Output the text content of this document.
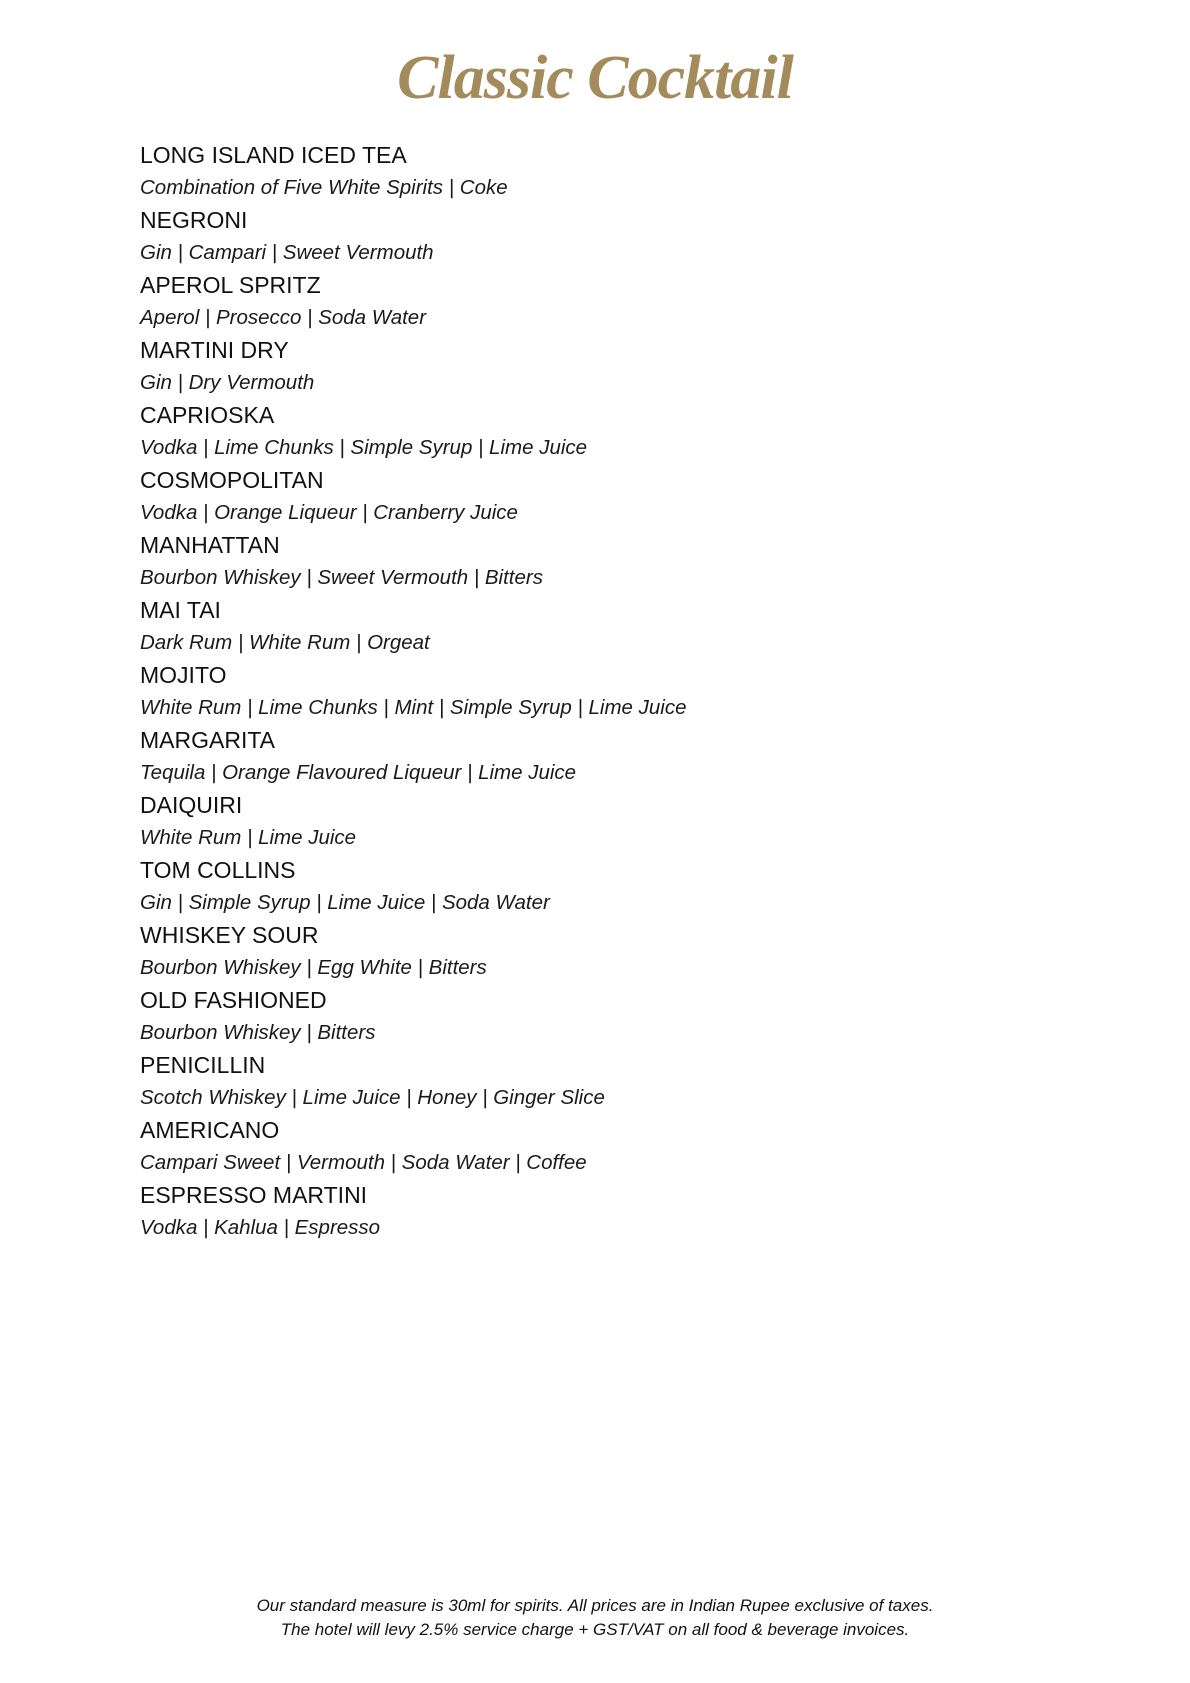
Classic Cocktail
LONG ISLAND ICED TEA
Combination of Five White Spirits | Coke
NEGRONI
Gin | Campari | Sweet Vermouth
APEROL SPRITZ
Aperol | Prosecco | Soda Water
MARTINI DRY
Gin | Dry Vermouth
CAPRIOSKA
Vodka | Lime Chunks | Simple Syrup | Lime Juice
COSMOPOLITAN
Vodka | Orange Liqueur | Cranberry Juice
MANHATTAN
Bourbon Whiskey | Sweet Vermouth | Bitters
MAI TAI
Dark Rum | White Rum | Orgeat
MOJITO
White Rum | Lime Chunks | Mint | Simple Syrup | Lime Juice
MARGARITA
Tequila | Orange Flavoured Liqueur | Lime Juice
DAIQUIRI
White Rum | Lime Juice
TOM COLLINS
Gin | Simple Syrup | Lime Juice | Soda Water
WHISKEY SOUR
Bourbon Whiskey | Egg White | Bitters
OLD FASHIONED
Bourbon Whiskey | Bitters
PENICILLIN
Scotch Whiskey | Lime Juice | Honey | Ginger Slice
AMERICANO
Campari Sweet | Vermouth | Soda Water | Coffee
ESPRESSO MARTINI
Vodka | Kahlua | Espresso
Our standard measure is 30ml for spirits. All prices are in Indian Rupee exclusive of taxes.
The hotel will levy 2.5% service charge + GST/VAT on all food & beverage invoices.
